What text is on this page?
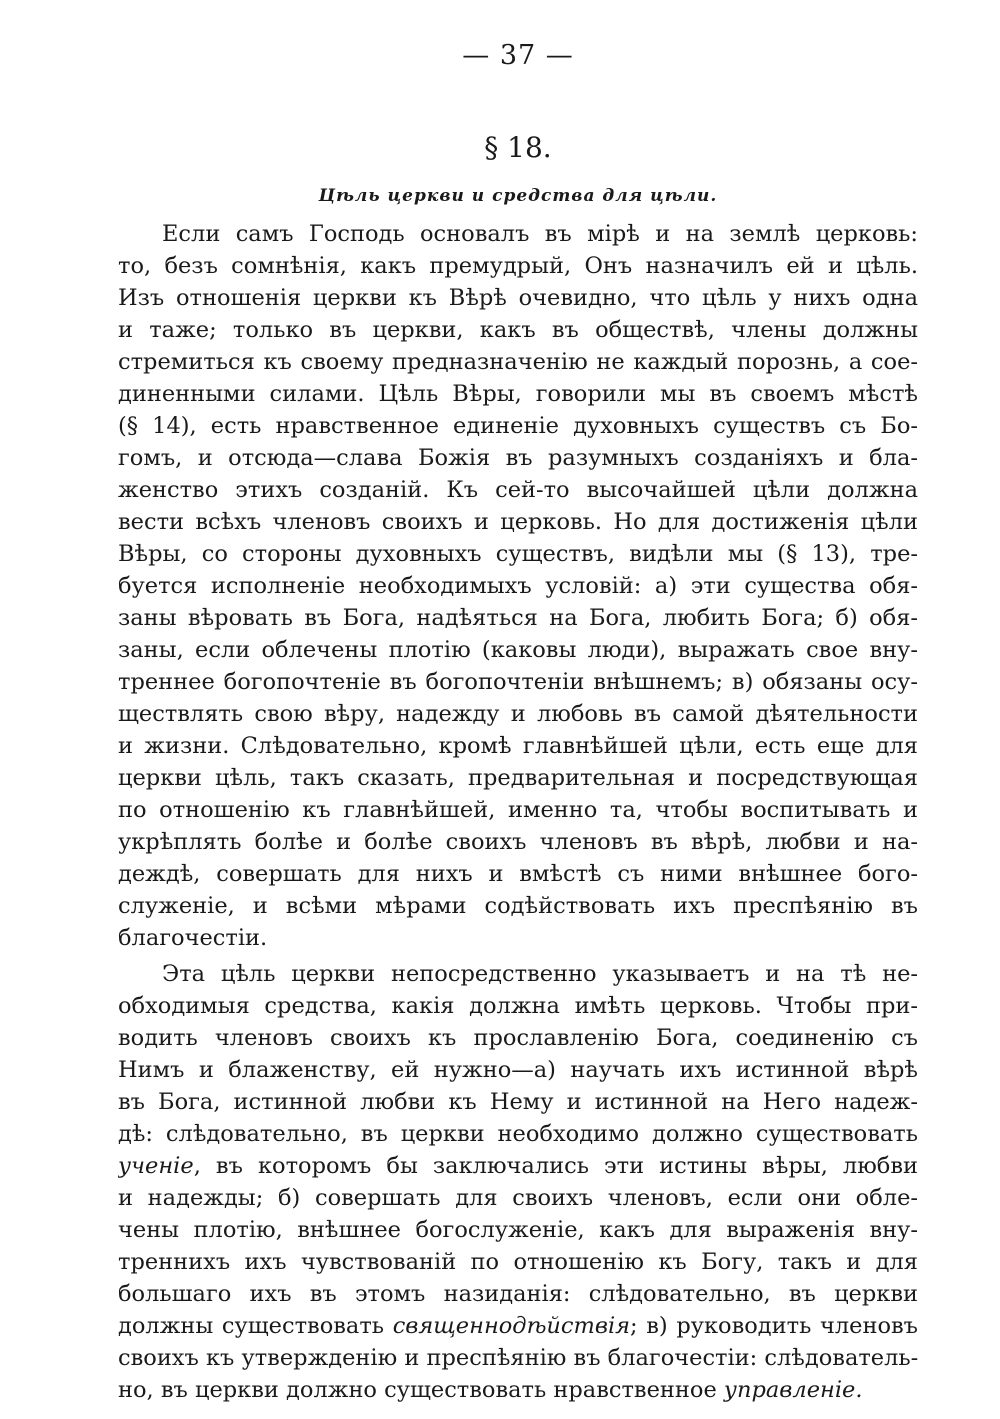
— 37 —
§ 18.
Цѣль церкви и средства для цѣли.
Если самъ Господь основалъ въ мірѣ и на землѣ церковь:
то, безъ сомнѣнія, какъ премудрый, Онъ назначилъ ей и цѣль.
Изъ отношенія церкви къ Вѣрѣ очевидно, что цѣль у нихъ одна
и таже; только въ церкви, какъ въ обществѣ, члены должны
стремиться къ своему предназначенію не каждый порознь, а сое-
диненными силами. Цѣль Вѣры, говорили мы въ своемъ мѣстѣ
(§ 14), есть нравственное единеніе духовныхъ существъ съ Бо-
гомъ, и отсюда—слава Божія въ разумныхъ созданіяхъ и бла-
женство этихъ созданій. Къ сей-то высочайшей цѣли должна
вести всѣхъ членовъ своихъ и церковь. Но для достиженія цѣли
Вѣры, со стороны духовныхъ существъ, видѣли мы (§ 13), тре-
буется исполненіе необходимыхъ условій: а) эти существа обя-
заны вѣровать въ Бога, надѣяться на Бога, любить Бога; б) обя-
заны, если облечены плотію (каковы люди), выражать свое вну-
треннее богопочтеніе въ богопочтеніи внѣшнемъ; в) обязаны осу-
ществлять свою вѣру, надежду и любовь въ самой дѣятельности
и жизни. Слѣдовательно, кромѣ главнѣйшей цѣли, есть еще для
церкви цѣль, такъ сказать, предварительная и посредствующая
по отношенію къ главнѣйшей, именно та, чтобы воспитывать и
укрѣплять болѣе и болѣе своихъ членовъ въ вѣрѣ, любви и на-
деждѣ, совершать для нихъ и вмѣстѣ съ ними внѣшнее бого-
служеніе, и всѣми мѣрами содѣйствовать ихъ преспѣянію въ
благочестіи.
Эта цѣль церкви непосредственно указываетъ и на тѣ не-
обходимыя средства, какія должна имѣть церковь. Чтобы при-
водить членовъ своихъ къ прославленію Бога, соединенію съ
Нимъ и блаженству, ей нужно—а) научать ихъ истинной вѣрѣ
въ Бога, истинной любви къ Нему и истинной на Него надеж-
дѣ: слѣдовательно, въ церкви необходимо должно существовать
ученіе, въ которомъ бы заключались эти истины вѣры, любви
и надежды; б) совершать для своихъ членовъ, если они обле-
чены плотію, внѣшнее богослуженіе, какъ для выраженія вну-
треннихъ ихъ чувствованій по отношенію къ Богу, такъ и для
большаго ихъ въ этомъ назиданія: слѣдовательно, въ церкви
должны существовать священнодѣйствія; в) руководить членовъ
своихъ къ утвержденію и преспѣянію въ благочестіи: слѣдователь-
но, въ церкви должно существовать нравственное управленіе.
